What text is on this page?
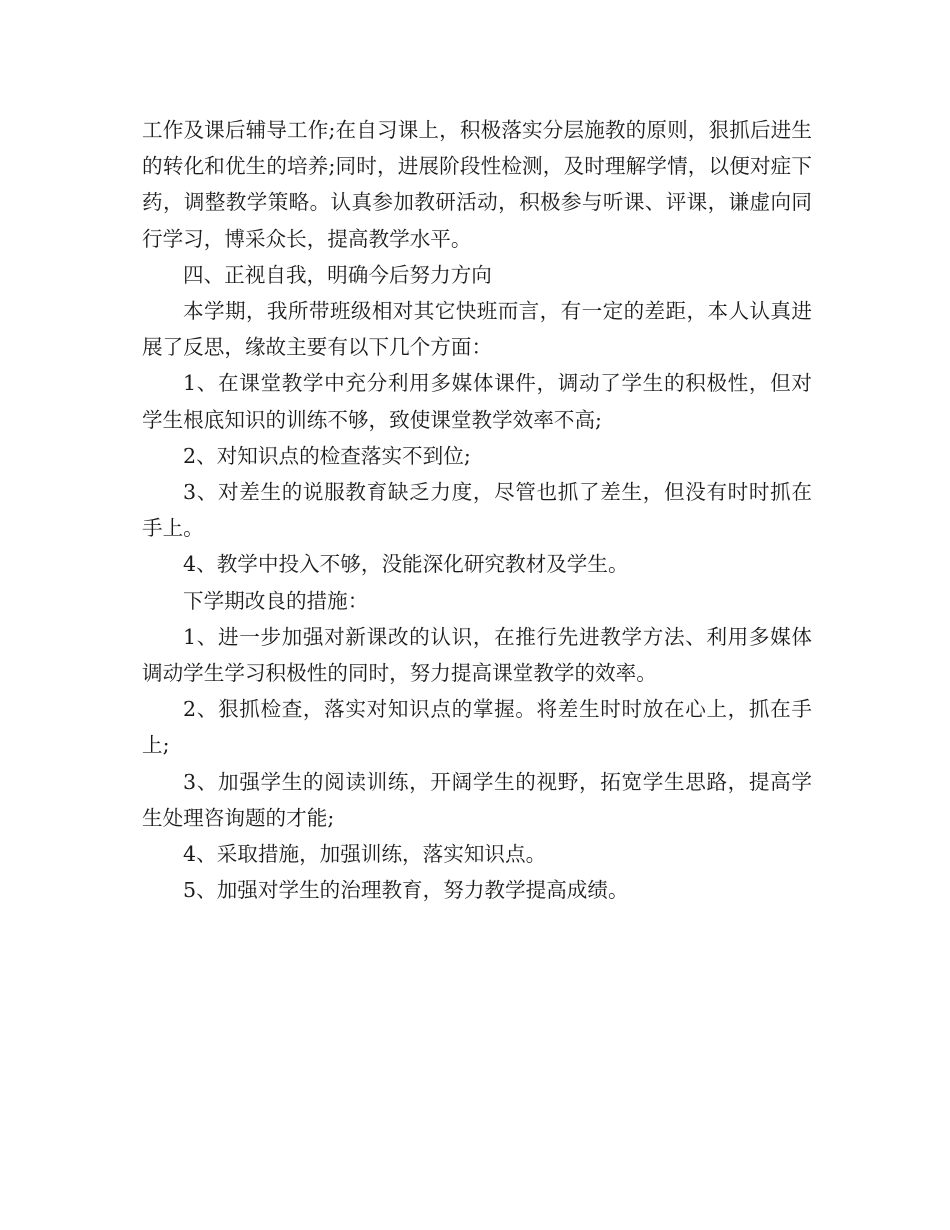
工作及课后辅导工作;在自习课上，积极落实分层施教的原则，狠抓后进生的转化和优生的培养;同时，进展阶段性检测，及时理解学情，以便对症下药，调整教学策略。认真参加教研活动，积极参与听课、评课，谦虚向同行学习，博采众长，提高教学水平。

四、正视自我，明确今后努力方向

本学期，我所带班级相对其它快班而言，有一定的差距，本人认真进展了反思，缘故主要有以下几个方面：

1、在课堂教学中充分利用多媒体课件，调动了学生的积极性，但对学生根底知识的训练不够，致使课堂教学效率不高;

2、对知识点的检查落实不到位;

3、对差生的说服教育缺乏力度，尽管也抓了差生，但没有时时抓在手上。

4、教学中投入不够，没能深化研究教材及学生。

下学期改良的措施：

1、进一步加强对新课改的认识，在推行先进教学方法、利用多媒体调动学生学习积极性的同时，努力提高课堂教学的效率。

2、狠抓检查，落实对知识点的掌握。将差生时时放在心上，抓在手上;

3、加强学生的阅读训练，开阔学生的视野，拓宽学生思路，提高学生处理咨询题的才能;

4、采取措施，加强训练，落实知识点。

5、加强对学生的治理教育，努力教学提高成绩。
